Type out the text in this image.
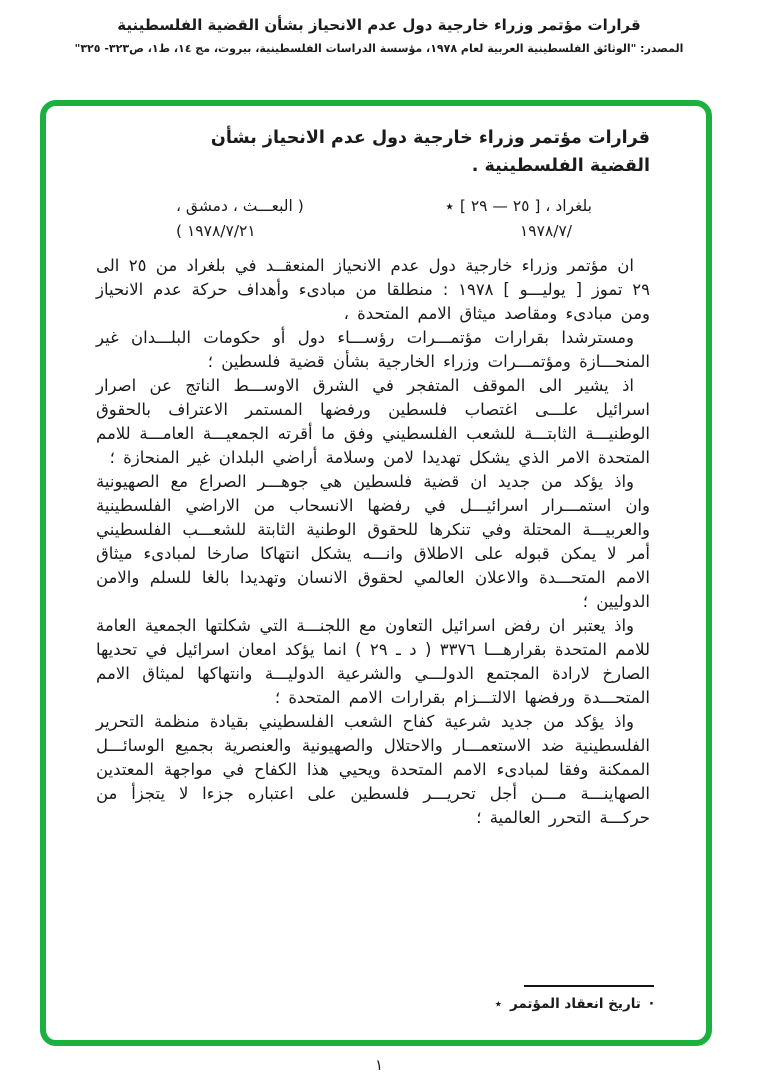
قرارات مؤتمر وزراء خارجية دول عدم الانحياز بشأن القضية الفلسطينية
المصدر: "الوثائق الفلسطينية العربية لعام ١٩٧٨، مؤسسة الدراسات الفلسطينية، بيروت، مج ١٤، ط١، ص٣٢٣- ٣٢٥"
قرارات مؤتمر وزراء خارجية دول عدم الانحياز بشأن القضية الفلسطينية .
بلغراد ، [ ٢٥ — ٢٩ ]٭
( البعـــث ، دمشق ،
١٩٧٨/٧/
١٩٧٨/٧/٢١ )

ان مؤتمر وزراء خارجية دول عدم الانحياز المنعقــد في بلغراد من ٢٥ الى ٢٩ تموز [ يوليـــو ] ١٩٧٨ : منطلقا من مبادىء وأهداف حركة عدم الانحياز ومن مبادىء ومقاصد ميثاق الامم المتحدة ،

ومسترشدا بقرارات مؤتمـــرات رؤســـاء دول أو حكومات البلـــدان غير المنحـــازة ومؤتمـــرات وزراء الخارجية بشأن قضية فلسطين ؛

اذ يشير الى الموقف المتفجر في الشرق الاوســـط الناتج عن اصرار اسرائيل علـــى اغتصاب فلسطين ورفضها المستمر الاعتراف بالحقوق الوطنيـــة الثابتـــة للشعب الفلسطيني وفق ما أقرته الجمعيـــة العامـــة للامم المتحدة الامر الذي يشكل تهديدا لامن وسلامة أراضي البلدان غير المنحازة ؛

واذ يؤكد من جديد ان قضية فلسطين هي جوهـــر الصراع مع الصهيونية وان استمـــرار اسرائيـــل في رفضها الانسحاب من الاراضي الفلسطينية والعربيـــة المحتلة وفي تنكرها للحقوق الوطنية الثابتة للشعـــب الفلسطيني أمر لا يمكن قبوله على الاطلاق وانـــه يشكل انتهاكا صارخا لمبادىء ميثاق الامم المتحـــدة والاعلان العالمي لحقوق الانسان وتهديدا بالغا للسلم والامن الدوليين ؛

واذ يعتبر ان رفض اسرائيل التعاون مع اللجنـــة التي شكلتها الجمعية العامة للامم المتحدة بقرارهـــا ٣٣٧٦ ( د ـ ٢٩ ) انما يؤكد امعان اسرائيل في تحديها الصارخ لارادة المجتمع الدولـــي والشرعية الدوليـــة وانتهاكها لميثاق الامم المتحـــدة ورفضها الالتـــزام بقرارات الامم المتحدة ؛

واذ يؤكد من جديد شرعية كفاح الشعب الفلسطيني بقيادة منظمة التحرير الفلسطينية ضد الاستعمـــار والاحتلال والصهيونية والعنصرية بجميع الوسائـــل الممكنة وفقا لمبادىء الامم المتحدة ويحيي هذا الكفاح في مواجهة المعتدين الصهاينـــة مـــن أجل تحريـــر فلسطين على اعتباره جزءا لا يتجزأ من حركـــة التحرر العالمية ؛

٭ تاريخ انعقاد المؤتمر ·
١
